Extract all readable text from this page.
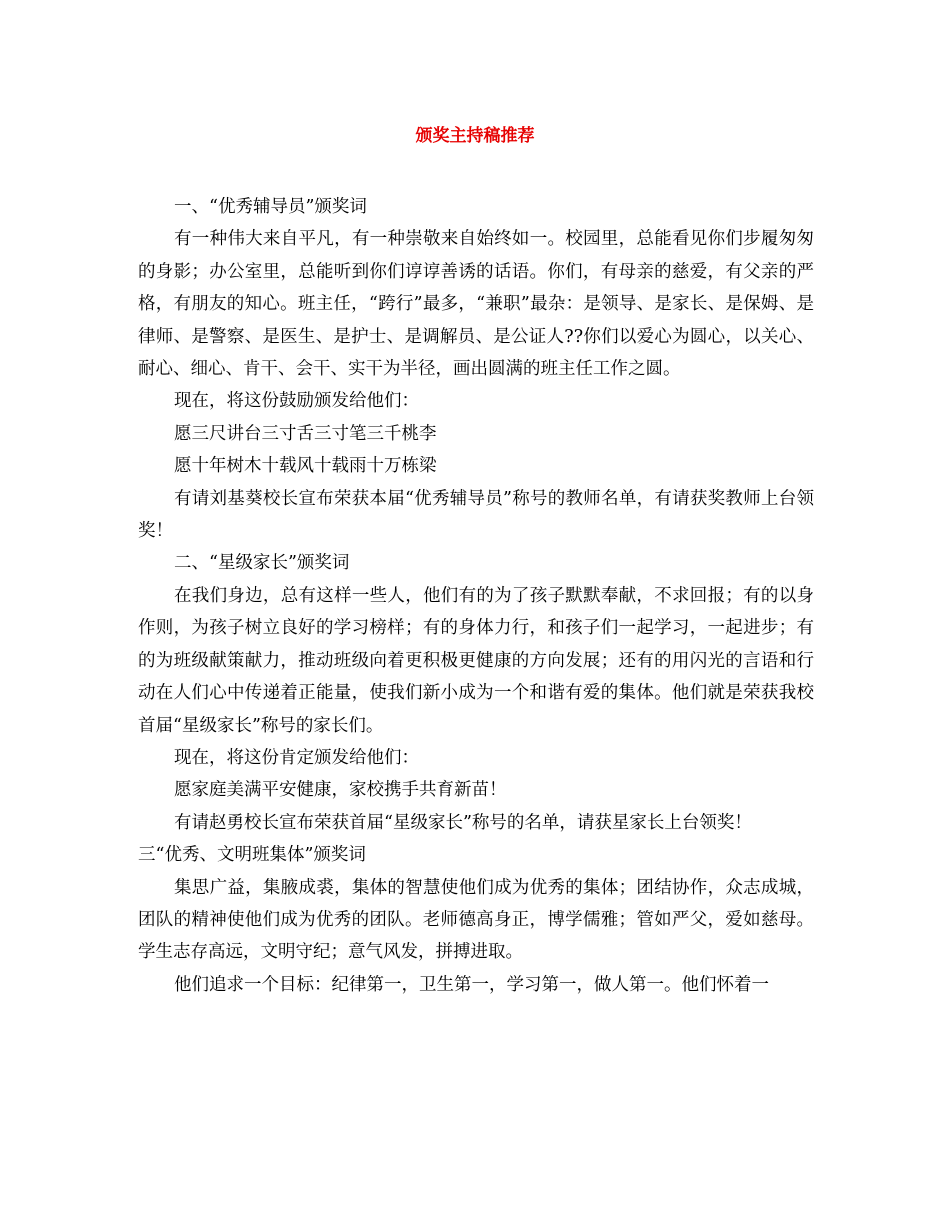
颁奖主持稿推荐

一、“优秀辅导员”颁奖词

有一种伟大来自平凡，有一种崇敬来自始终如一。校园里，总能看见你们步履匆匆的身影；办公室里，总能听到你们谆谆善诱的话语。你们，有母亲的慈爱，有父亲的严格，有朋友的知心。班主任，“跨行”最多，“兼职”最杂：是领导、是家长、是保姆、是律师、是警察、是医生、是护士、是调解员、是公证人??你们以爱心为圆心，以关心、耐心、细心、肯干、会干、实干为半径，画出圆满的班主任工作之圆。

现在，将这份鼓励颁发给他们：

愿三尺讲台三寸舌三寸笔三千桃李

愿十年树木十载风十载雨十万栋梁

有请刘基葵校长宣布荣获本届“优秀辅导员”称号的教师名单，有请获奖教师上台领奖！

二、“星级家长”颁奖词

在我们身边，总有这样一些人，他们有的为了孩子默默奉献，不求回报；有的以身作则，为孩子树立良好的学习榜样；有的身体力行，和孩子们一起学习，一起进步；有的为班级献策献力，推动班级向着更积极更健康的方向发展；还有的用闪光的言语和行动在人们心中传递着正能量，使我们新小成为一个和谐有爱的集体。他们就是荣获我校首届“星级家长”称号的家长们。

现在，将这份肯定颁发给他们：

愿家庭美满平安健康，家校携手共育新苗！

有请赵勇校长宣布荣获首届“星级家长”称号的名单，请获星家长上台领奖！

三“优秀、文明班集体”颁奖词

集思广益，集腋成裘，集体的智慧使他们成为优秀的集体；团结协作，众志成城，团队的精神使他们成为优秀的团队。老师德高身正，博学儒雅；管如严父，爱如慈母。学生志存高远，文明守纪；意气风发，拼搏进取。

他们追求一个目标：纪律第一，卫生第一，学习第一，做人第一。他们怀着一
